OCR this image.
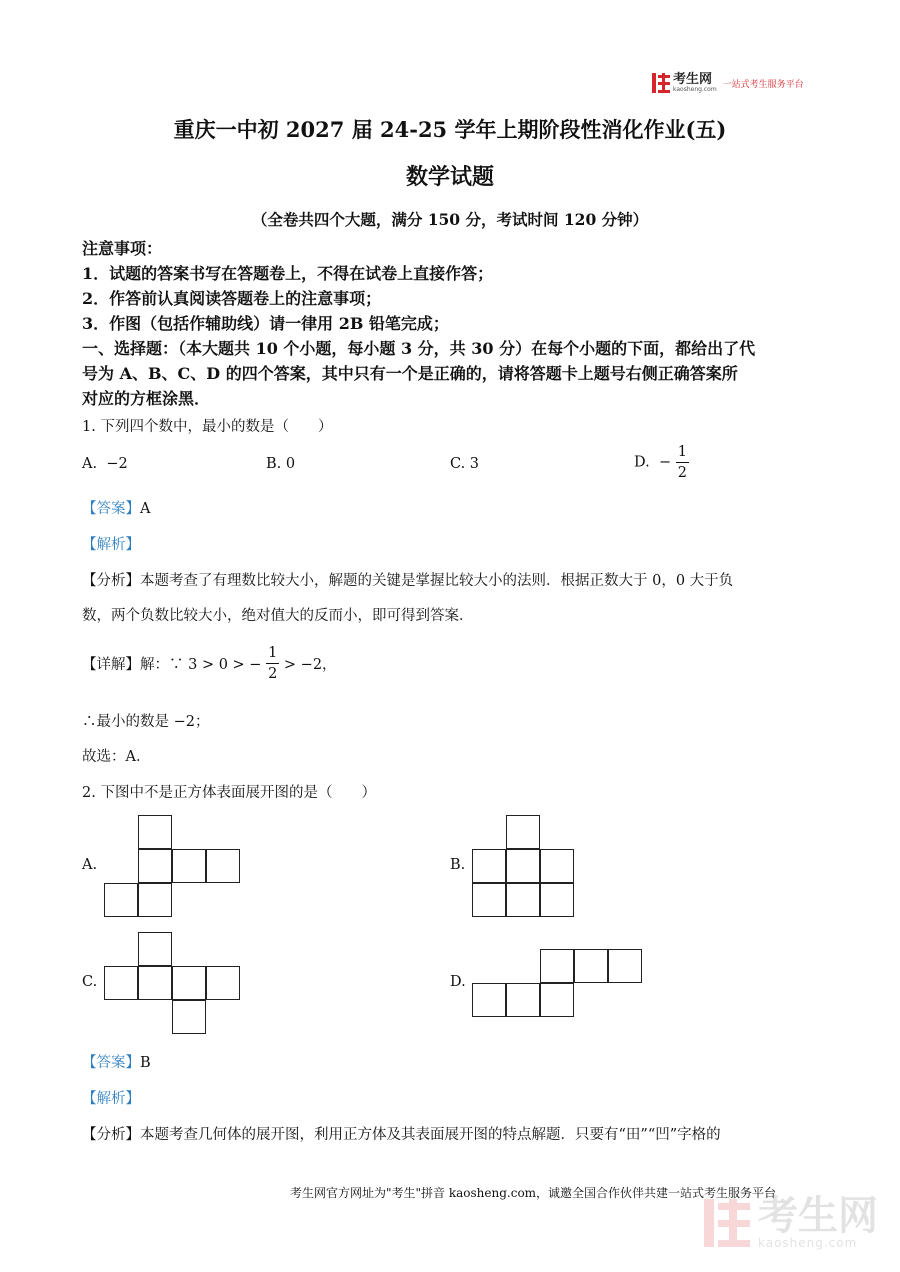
考生网
kaosheng.com 一站式考生服务平台
重庆一中初 2027 届 24-25 学年上期阶段性消化作业(五)
数学试题
（全卷共四个大题，满分 150 分，考试时间 120 分钟）
注意事项：
1．试题的答案书写在答题卷上，不得在试卷上直接作答；
2．作答前认真阅读答题卷上的注意事项；
3．作图（包括作辅助线）请一律用 2B 铅笔完成；
一、选择题：（本大题共 10 个小题，每小题 3 分，共 30 分）在每个小题的下面，都给出了代
号为 A、B、C、D 的四个答案，其中只有一个是正确的，请将答题卡上题号右侧正确答案所
对应的方框涂黑．
1. 下列四个数中，最小的数是（　　）
A. −2	B. 0	C. 3	D. − $\frac{1}{2}$
【答案】A
【解析】
【分析】本题考查了有理数比较大小，解题的关键是掌握比较大小的法则．根据正数大于 0，0 大于负
数，两个负数比较大小，绝对值大的反而小，即可得到答案．
【详解】解：∵ 3 > 0 > − $\frac{1}{2} > -2$，
∴最小的数是 −2；
故选：A．
2. 下图中不是正方体表面展开图的是（　　）
A.	B.
C.	D.
【答案】B
【解析】
【分析】本题考查几何体的展开图，利用正方体及其表面展开图的特点解题．只要有“田”“凹”字格的
考生网官方网址为"考生"拼音 kaosheng.com，诚邀全国合作伙伴共建一站式考生服务平台
考生网
kaosheng.com
